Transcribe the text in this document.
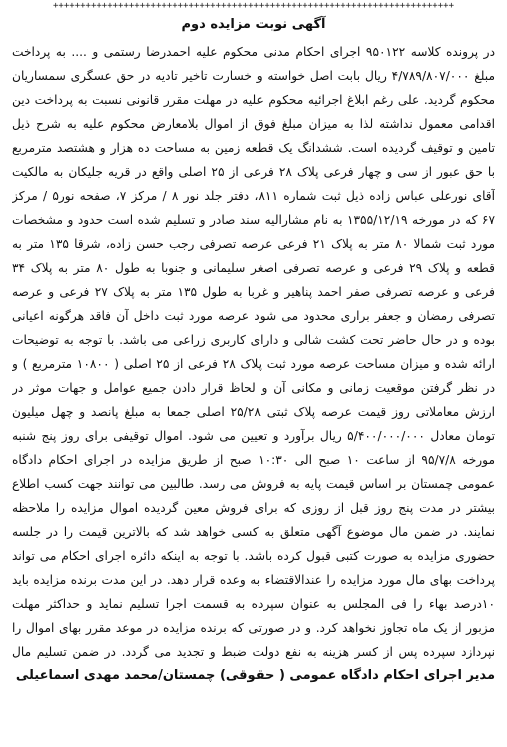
++++++++++++++++++++++++++++++++++++++++++++++++++++++++++++++++++++++++++
آگهی نوبت مزایده دوم
در پرونده کلاسه ۹۵۰۱۲۲ اجرای احکام مدنی محکوم علیه احمدرضا رستمی و .... به پرداخت مبلغ ۴/۷۸۹/۸۰۷/۰۰۰ ریال بابت اصل خواسته و خسارت تاخیر تادیه در حق عسگری سمساریان محکوم گردید. علی رغم ابلاغ اجرائیه محکوم علیه در مهلت مقرر قانونی نسبت به پرداخت دین اقدامی معمول نداشته لذا به میزان مبلغ فوق از اموال بلامعارض محکوم علیه به شرح ذیل تامین و توقیف گردیده است. ششدانگ یک قطعه زمین به مساحت ده هزار و هشتصد مترمربع با حق عبور از سی و چهار فرعی پلاک ۲۸ فرعی از ۲۵ اصلی واقع در قریه جلیکان به مالکیت آقای نورعلی عباس زاده ذیل ثبت شماره ۸۱۱، دفتر جلد نور ۸ / مرکز ۷، صفحه نور۵ / مرکز ۶۷ که در مورخه ۱۳۵۵/۱۲/۱۹ به نام مشارالیه سند صادر و تسلیم شده است حدود و مشخصات مورد ثبت شمالا ۸۰ متر به پلاک ۲۱ فرعی عرصه تصرفی رجب حسن زاده، شرقا ۱۳۵ متر به قطعه و پلاک ۲۹ فرعی و عرصه تصرفی اصغر سلیمانی و جنوبا به طول ۸۰ متر به پلاک ۳۴ فرعی و عرصه تصرفی صفر احمد پناهیر و غربا به طول ۱۳۵ متر به پلاک ۲۷ فرعی و عرصه تصرفی رمضان و جعفر براری محدود می شود عرصه مورد ثبت داخل آن فاقد هرگونه اعیانی بوده و در حال حاضر تحت کشت شالی و دارای کاربری زراعی می باشد. با توجه به توضیحات ارائه شده و میزان مساحت عرصه مورد ثبت پلاک ۲۸ فرعی از ۲۵ اصلی ( ۱۰۸۰۰ مترمربع ) و در نظر گرفتن موقعیت زمانی و مکانی آن و لحاظ قرار دادن جمیع عوامل و جهات موثر در ارزش معاملاتی روز قیمت عرصه پلاک ثبتی ۲۵/۲۸ اصلی جمعا به مبلغ پانصد و چهل میلیون تومان معادل ۵/۴۰۰/۰۰۰/۰۰۰ ریال برآورد و تعیین می شود. اموال توقیفی برای روز پنج شنبه مورخه ۹۵/۷/۸ از ساعت ۱۰ صبح الی ۱۰:۳۰ صبح از طریق مزایده در اجرای احکام دادگاه عمومی چمستان بر اساس قیمت پایه به فروش می رسد. طالبین می توانند جهت کسب اطلاع بیشتر در مدت پنج روز قبل از روزی که برای فروش معین گردیده اموال مزایده را ملاحظه نمایند. در ضمن مال موضوع آگهی متعلق به کسی خواهد شد که بالاترین قیمت را در جلسه حضوری مزایده به صورت کتبی قبول کرده باشد. با توجه به اینکه دائره اجرای احکام می تواند پرداخت بهای مال مورد مزایده را عندالاقتضاء به وعده قرار دهد. در این مدت برنده مزایده باید ۱۰درصد بهاء را فی المجلس به عنوان سپرده به قسمت اجرا تسلیم نماید و حداکثر مهلت مزبور از یک ماه تجاوز نخواهد کرد. و در صورتی که برنده مزایده در موعد مقرر بهای اموال را نپردازد سپرده پس از کسر هزینه به نفع دولت ضبط و تجدید می گردد. در ضمن تسلیم مال
مدیر اجرای احکام دادگاه عمومی ( حقوقی) چمستان/محمد مهدی اسماعیلی
